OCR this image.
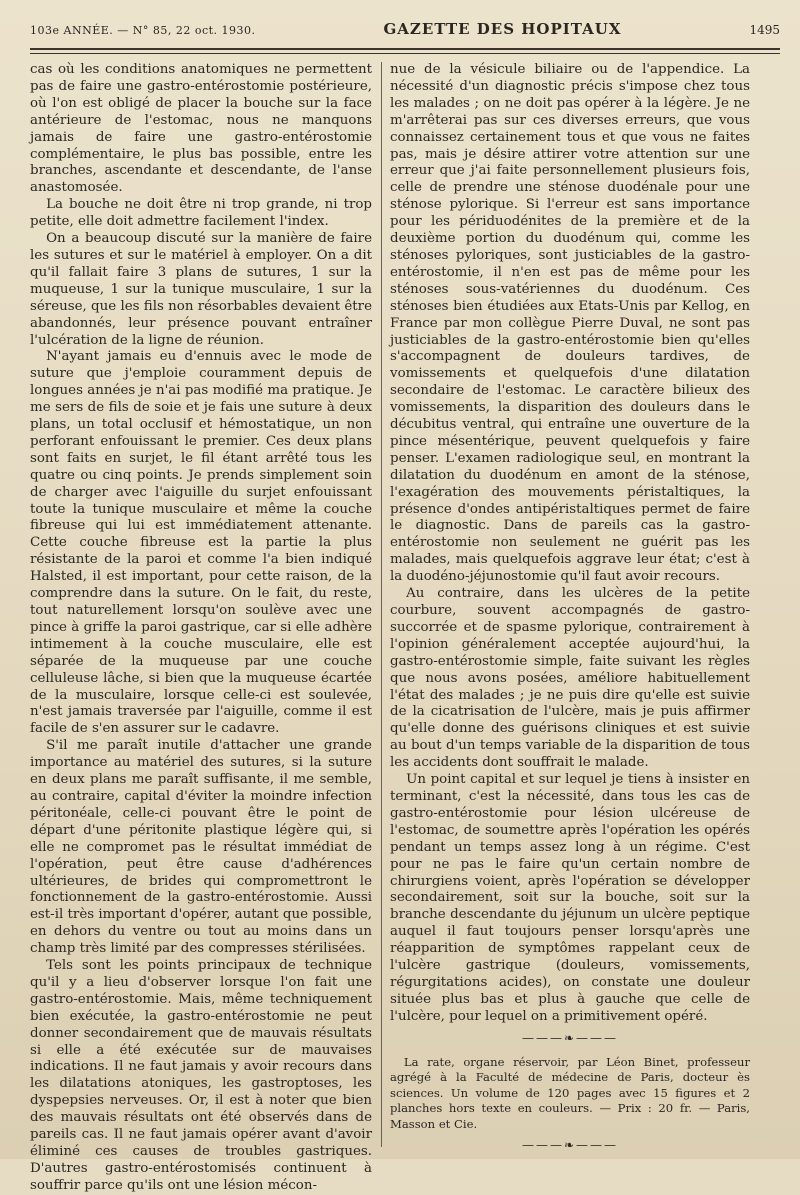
103e ANNÉE. — N° 85, 22 oct. 1930.	GAZETTE DES HOPITAUX	1495

cas où les conditions anatomiques ne permettent pas de faire une gastro-entérostomie postérieure, où l'on est obligé de placer la bouche sur la face antérieure de l'estomac, nous ne manquons jamais de faire une gastro-entérostomie complémentaire, le plus bas possible, entre les branches, ascendante et descendante, de l'anse anastomosée.

La bouche ne doit être ni trop grande, ni trop petite, elle doit admettre facilement l'index.

On a beaucoup discuté sur la manière de faire les sutures et sur le matériel à employer. On a dit qu'il fallait faire 3 plans de sutures, 1 sur la muqueuse, 1 sur la tunique musculaire, 1 sur la séreuse, que les fils non résorbables devaient être abandonnés, leur présence pouvant entraîner l'ulcération de la ligne de réunion.

N'ayant jamais eu d'ennuis avec le mode de suture que j'emploie couramment depuis de longues années je n'ai pas modifié ma pratique. Je me sers de fils de soie et je fais une suture à deux plans, un total occlusif et hémostatique, un non perforant enfouissant le premier. Ces deux plans sont faits en surjet, le fil étant arrêté tous les quatre ou cinq points. Je prends simplement soin de charger avec l'aiguille du surjet enfouissant toute la tunique musculaire et même la couche fibreuse qui lui est immédiatement attenante. Cette couche fibreuse est la partie la plus résistante de la paroi et comme l'a bien indiqué Halsted, il est important, pour cette raison, de la comprendre dans la suture. On le fait, du reste, tout naturellement lorsqu'on soulève avec une pince à griffe la paroi gastrique, car si elle adhère intimement à la couche musculaire, elle est séparée de la muqueuse par une couche celluleuse lâche, si bien que la muqueuse écartée de la musculaire, lorsque celle-ci est soulevée, n'est jamais traversée par l'aiguille, comme il est facile de s'en assurer sur le cadavre.

S'il me paraît inutile d'attacher une grande importance au matériel des sutures, si la suture en deux plans me paraît suffisante, il me semble, au contraire, capital d'éviter la moindre infection péritonéale, celle-ci pouvant être le point de départ d'une péritonite plastique légère qui, si elle ne compromet pas le résultat immédiat de l'opération, peut être cause d'adhérences ultérieures, de brides qui compromettront le fonctionnement de la gastro-entérostomie. Aussi est-il très important d'opérer, autant que possible, en dehors du ventre ou tout au moins dans un champ très limité par des compresses stérilisées.

Tels sont les points principaux de technique qu'il y a lieu d'observer lorsque l'on fait une gastro-entérostomie. Mais, même techniquement bien exécutée, la gastro-entérostomie ne peut donner secondairement que de mauvais résultats si elle a été exécutée sur de mauvaises indications. Il ne faut jamais y avoir recours dans les dilatations atoniques, les gastroptoses, les dyspepsies nerveuses. Or, il est à noter que bien des mauvais résultats ont été observés dans de pareils cas. Il ne faut jamais opérer avant d'avoir éliminé ces causes de troubles gastriques. D'autres gastro-entérostomisés continuent à souffrir parce qu'ils ont une lésion mécon-

nue de la vésicule biliaire ou de l'appendice. La nécessité d'un diagnostic précis s'impose chez tous les malades ; on ne doit pas opérer à la légère. Je ne m'arrêterai pas sur ces diverses erreurs, que vous connaissez certainement tous et que vous ne faites pas, mais je désire attirer votre attention sur une erreur que j'ai faite personnellement plusieurs fois, celle de prendre une sténose duodénale pour une sténose pylorique. Si l'erreur est sans importance pour les périduodénites de la première et de la deuxième portion du duodénum qui, comme les sténoses pyloriques, sont justiciables de la gastro-entérostomie, il n'en est pas de même pour les sténoses sous-vatériennes du duodénum. Ces sténoses bien étudiées aux Etats-Unis par Kellog, en France par mon collègue Pierre Duval, ne sont pas justiciables de la gastro-entérostomie bien qu'elles s'accompagnent de douleurs tardives, de vomissements et quelquefois d'une dilatation secondaire de l'estomac. Le caractère bilieux des vomissements, la disparition des douleurs dans le décubitus ventral, qui entraîne une ouverture de la pince mésentérique, peuvent quelquefois y faire penser. L'examen radiologique seul, en montrant la dilatation du duodénum en amont de la sténose, l'exagération des mouvements péristaltiques, la présence d'ondes antipéristaltiques permet de faire le diagnostic. Dans de pareils cas la gastro-entérostomie non seulement ne guérit pas les malades, mais quelquefois aggrave leur état; c'est à la duodéno-jéjunostomie qu'il faut avoir recours.

Au contraire, dans les ulcères de la petite courbure, souvent accompagnés de gastro-succorrée et de spasme pylorique, contrairement à l'opinion généralement acceptée aujourd'hui, la gastro-entérostomie simple, faite suivant les règles que nous avons posées, améliore habituellement l'état des malades ; je ne puis dire qu'elle est suivie de la cicatrisation de l'ulcère, mais je puis affirmer qu'elle donne des guérisons cliniques et est suivie au bout d'un temps variable de la disparition de tous les accidents dont souffrait le malade.

Un point capital et sur lequel je tiens à insister en terminant, c'est la nécessité, dans tous les cas de gastro-entérostomie pour lésion ulcéreuse de l'estomac, de soumettre après l'opération les opérés pendant un temps assez long à un régime. C'est pour ne pas le faire qu'un certain nombre de chirurgiens voient, après l'opération se développer secondairement, soit sur la bouche, soit sur la branche descendante du jéjunum un ulcère peptique auquel il faut toujours penser lorsqu'après une réapparition de symptômes rappelant ceux de l'ulcère gastrique (douleurs, vomissements, régurgitations acides), on constate une douleur située plus bas et plus à gauche que celle de l'ulcère, pour lequel on a primitivement opéré.

———❧———

La rate, organe réservoir, par Léon Binet, professeur agrégé à la Faculté de médecine de Paris, docteur ès sciences. Un volume de 120 pages avec 15 figures et 2 planches hors texte en couleurs. — Prix : 20 fr. — Paris, Masson et Cie.

———❧———
